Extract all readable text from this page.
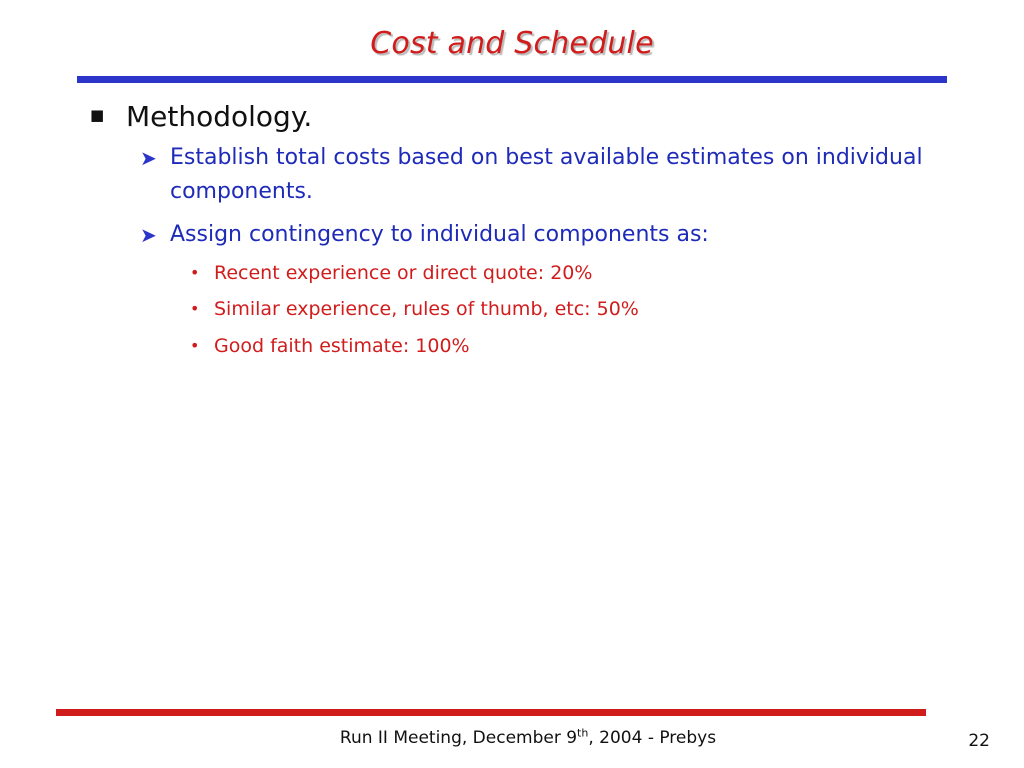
Cost and Schedule
■ Methodology.
➤ Establish total costs based on best available estimates on individual components.
➤ Assign contingency to individual components as:
• Recent experience or direct quote: 20%
• Similar experience, rules of thumb, etc: 50%
• Good faith estimate: 100%
Run II Meeting, December 9th, 2004 - Prebys	22
